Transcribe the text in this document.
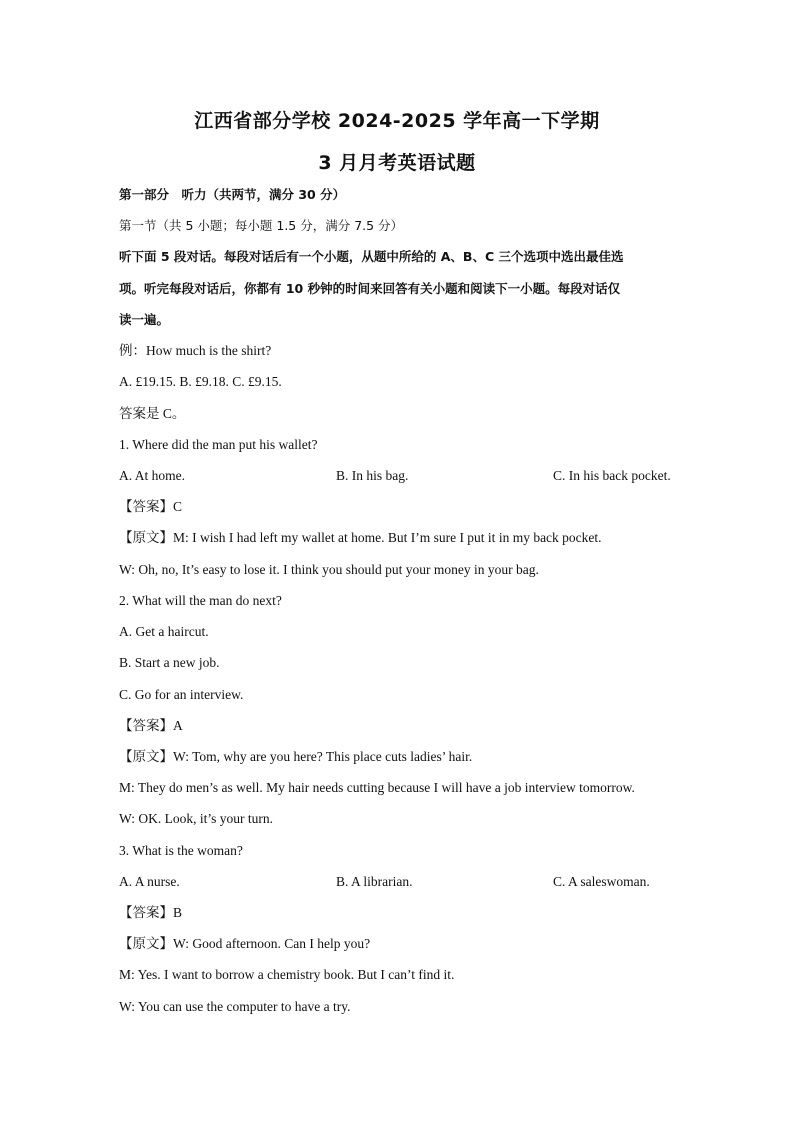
江西省部分学校 2024-2025 学年高一下学期
3 月月考英语试题
第一部分　听力（共两节，满分 30 分）
第一节（共 5 小题；每小题 1.5 分，满分 7.5 分）
听下面 5 段对话。每段对话后有一个小题，从题中所给的 A、B、C 三个选项中选出最佳选
项。听完每段对话后，你都有 10 秒钟的时间来回答有关小题和阅读下一小题。每段对话仅
读一遍。
例：How much is the shirt?
A. £19.15. B. £9.18. C. £9.15.
答案是 C。
1. Where did the man put his wallet?
A. At home.	B. In his bag.	C. In his back pocket.
【答案】C
【原文】M: I wish I had left my wallet at home. But I’m sure I put it in my back pocket.
W: Oh, no, It’s easy to lose it. I think you should put your money in your bag.
2. What will the man do next?
A. Get a haircut.
B. Start a new job.
C. Go for an interview.
【答案】A
【原文】W: Tom, why are you here? This place cuts ladies’ hair.
M: They do men’s as well. My hair needs cutting because I will have a job interview tomorrow.
W: OK. Look, it’s your turn.
3. What is the woman?
A. A nurse.	B. A librarian.	C. A saleswoman.
【答案】B
【原文】W: Good afternoon. Can I help you?
M: Yes. I want to borrow a chemistry book. But I can’t find it.
W: You can use the computer to have a try.
